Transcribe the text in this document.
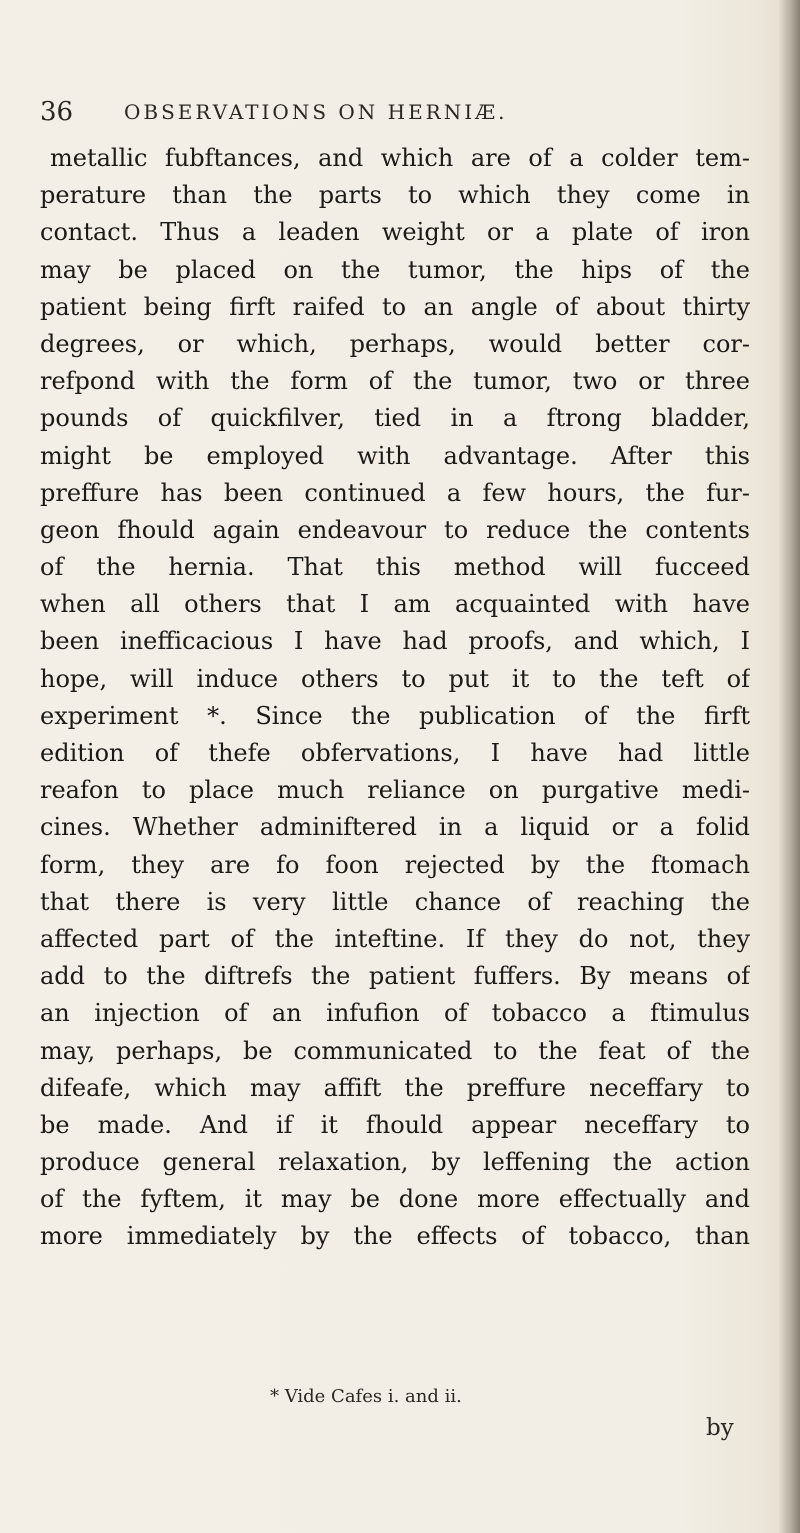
36	OBSERVATIONS ON HERNIÆ.
metallic fubftances, and which are of a colder tem-
perature than the parts to which they come in
contact. Thus a leaden weight or a plate of iron
may be placed on the tumor, the hips of the
patient being firft raifed to an angle of about thirty
degrees, or which, perhaps, would better cor-
refpond with the form of the tumor, two or three
pounds of quickfilver, tied in a ftrong bladder,
might be employed with advantage. After this
preffure has been continued a few hours, the fur-
geon fhould again endeavour to reduce the contents
of the hernia. That this method will fucceed
when all others that I am acquainted with have
been inefficacious I have had proofs, and which, I
hope, will induce others to put it to the teft of
experiment *. Since the publication of the firft
edition of thefe obfervations, I have had little
reafon to place much reliance on purgative medi-
cines. Whether adminiftered in a liquid or a folid
form, they are fo foon rejected by the ftomach
that there is very little chance of reaching the
affected part of the inteftine. If they do not, they
add to the diftrefs the patient fuffers. By means of
an injection of an infufion of tobacco a ftimulus
may, perhaps, be communicated to the feat of the
difeafe, which may affift the preffure neceffary to
be made. And if it fhould appear neceffary to
produce general relaxation, by leffening the action
of the fyftem, it may be done more effectually and
more immediately by the effects of tobacco, than
* Vide Cafes i. and ii.
by
